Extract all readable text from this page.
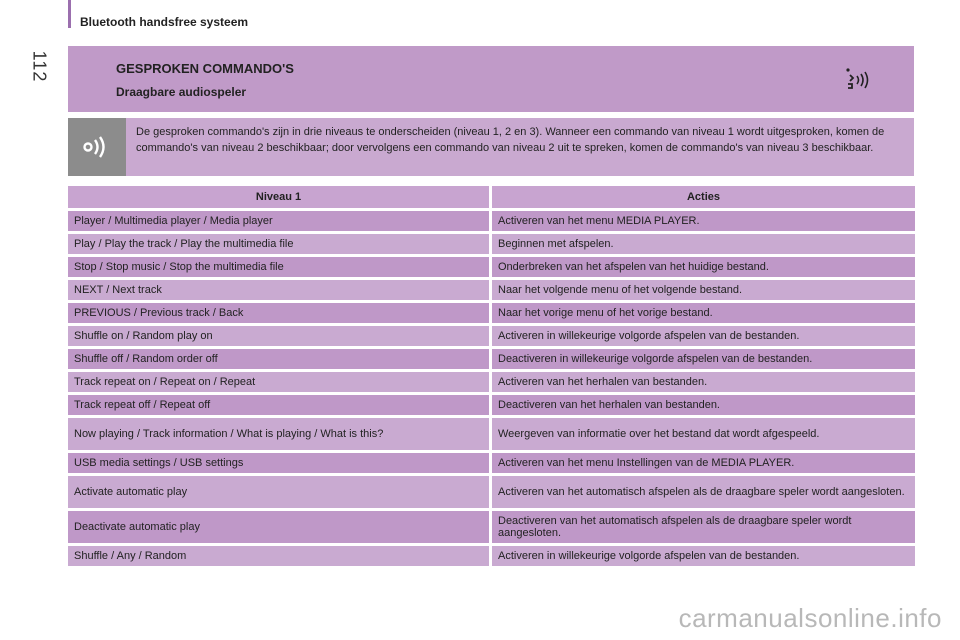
Bluetooth handsfree systeem
112	GESPROKEN COMMANDO'S
Draagbare audiospeler
De gesproken commando's zijn in drie niveaus te onderscheiden (niveau 1, 2 en 3). Wanneer een commando van niveau 1 wordt uitgesproken, komen de commando's van niveau 2 beschikbaar; door vervolgens een commando van niveau 2 uit te spreken, komen de commando's van niveau 3 beschikbaar.
Niveau 1	Acties
Player / Multimedia player / Media player	Activeren van het menu MEDIA PLAYER.
Play / Play the track / Play the multimedia file	Beginnen met afspelen.
Stop / Stop music / Stop the multimedia file	Onderbreken van het afspelen van het huidige bestand.
NEXT / Next track	Naar het volgende menu of het volgende bestand.
PREVIOUS / Previous track / Back	Naar het vorige menu of het vorige bestand.
Shuffle on / Random play on	Activeren in willekeurige volgorde afspelen van de bestanden.
Shuffle off / Random order off	Deactiveren in willekeurige volgorde afspelen van de bestanden.
Track repeat on / Repeat on / Repeat	Activeren van het herhalen van bestanden.
Track repeat off / Repeat off	Deactiveren van het herhalen van bestanden.
Now playing / Track information / What is playing / What is this?	Weergeven van informatie over het bestand dat wordt afgespeeld.
USB media settings / USB settings	Activeren van het menu Instellingen van de MEDIA PLAYER.
Activate automatic play	Activeren van het automatisch afspelen als de draagbare speler wordt aangesloten.
Deactivate automatic play	Deactiveren van het automatisch afspelen als de draagbare speler wordt aangesloten.
Shuffle / Any / Random	Activeren in willekeurige volgorde afspelen van de bestanden.
carmanualsonline.info
